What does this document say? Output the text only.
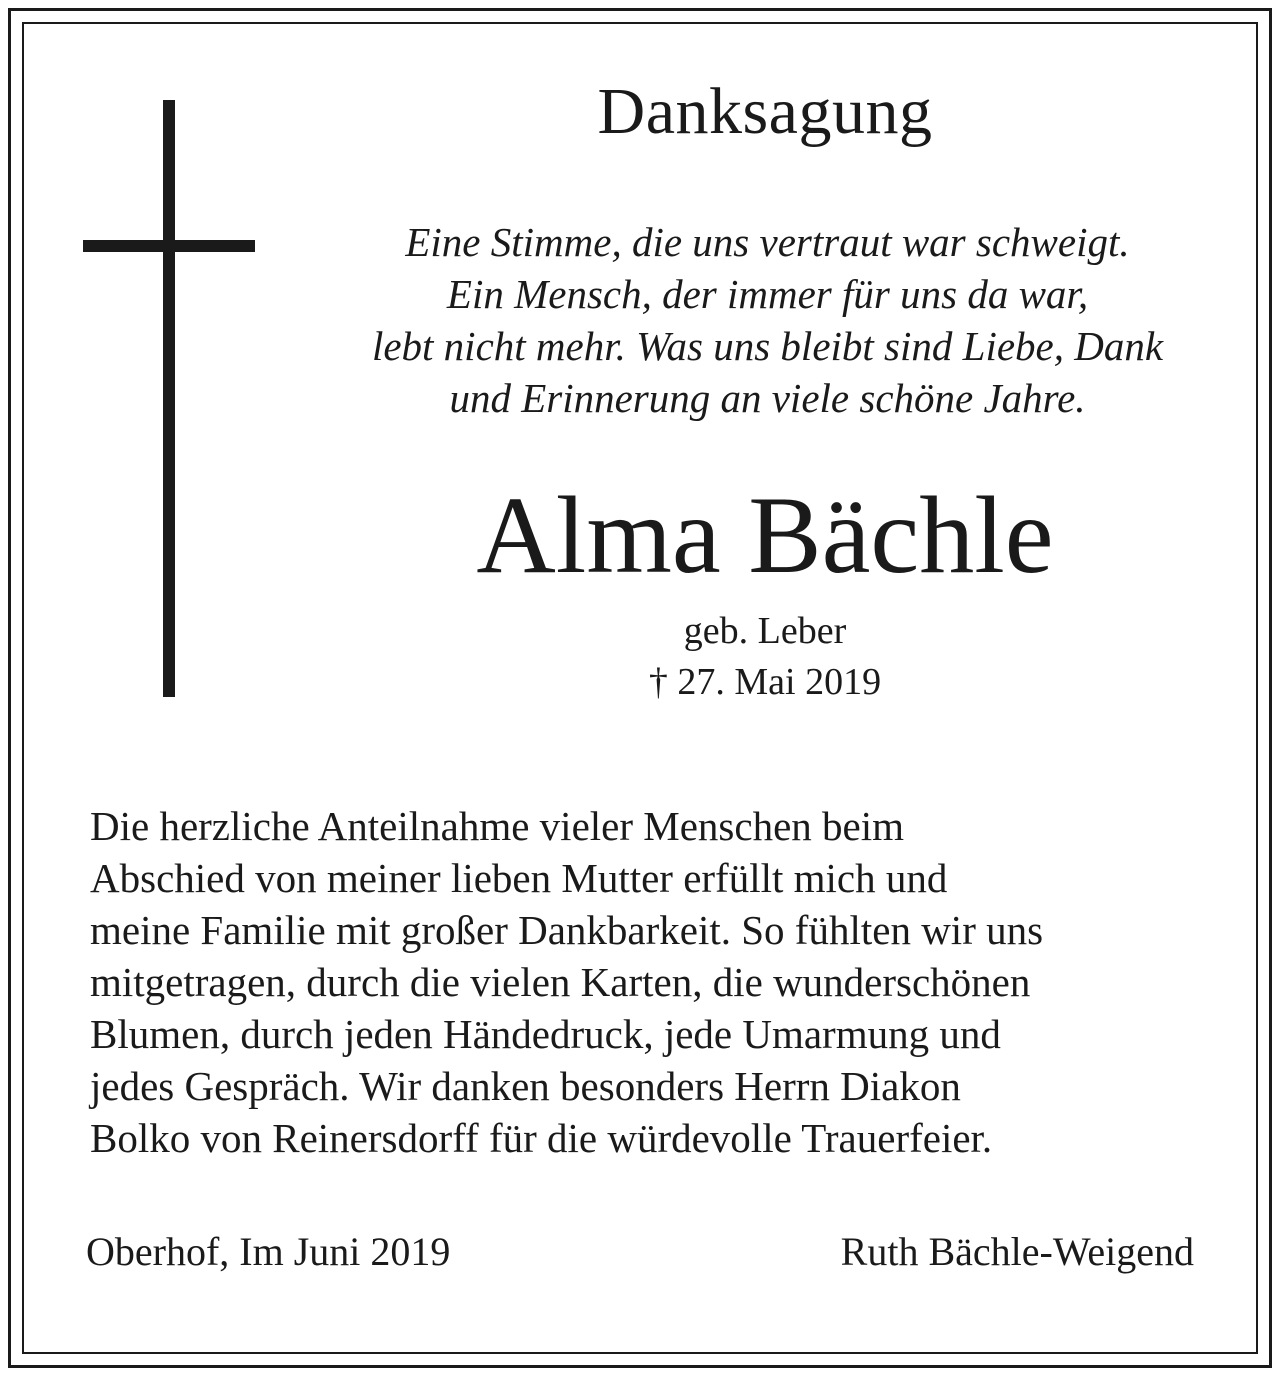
Danksagung
Eine Stimme, die uns vertraut war schweigt.
Ein Mensch, der immer für uns da war,
lebt nicht mehr. Was uns bleibt sind Liebe, Dank
und Erinnerung an viele schöne Jahre.
Alma Bächle
geb. Leber
† 27. Mai 2019
Die herzliche Anteilnahme vieler Menschen beim
Abschied von meiner lieben Mutter erfüllt mich und
meine Familie mit großer Dankbarkeit. So fühlten wir uns
mitgetragen, durch die vielen Karten, die wunderschönen
Blumen, durch jeden Händedruck, jede Umarmung und
jedes Gespräch. Wir danken besonders Herrn Diakon
Bolko von Reinersdorff für die würdevolle Trauerfeier.
Oberhof, Im Juni 2019	Ruth Bächle-Weigend
